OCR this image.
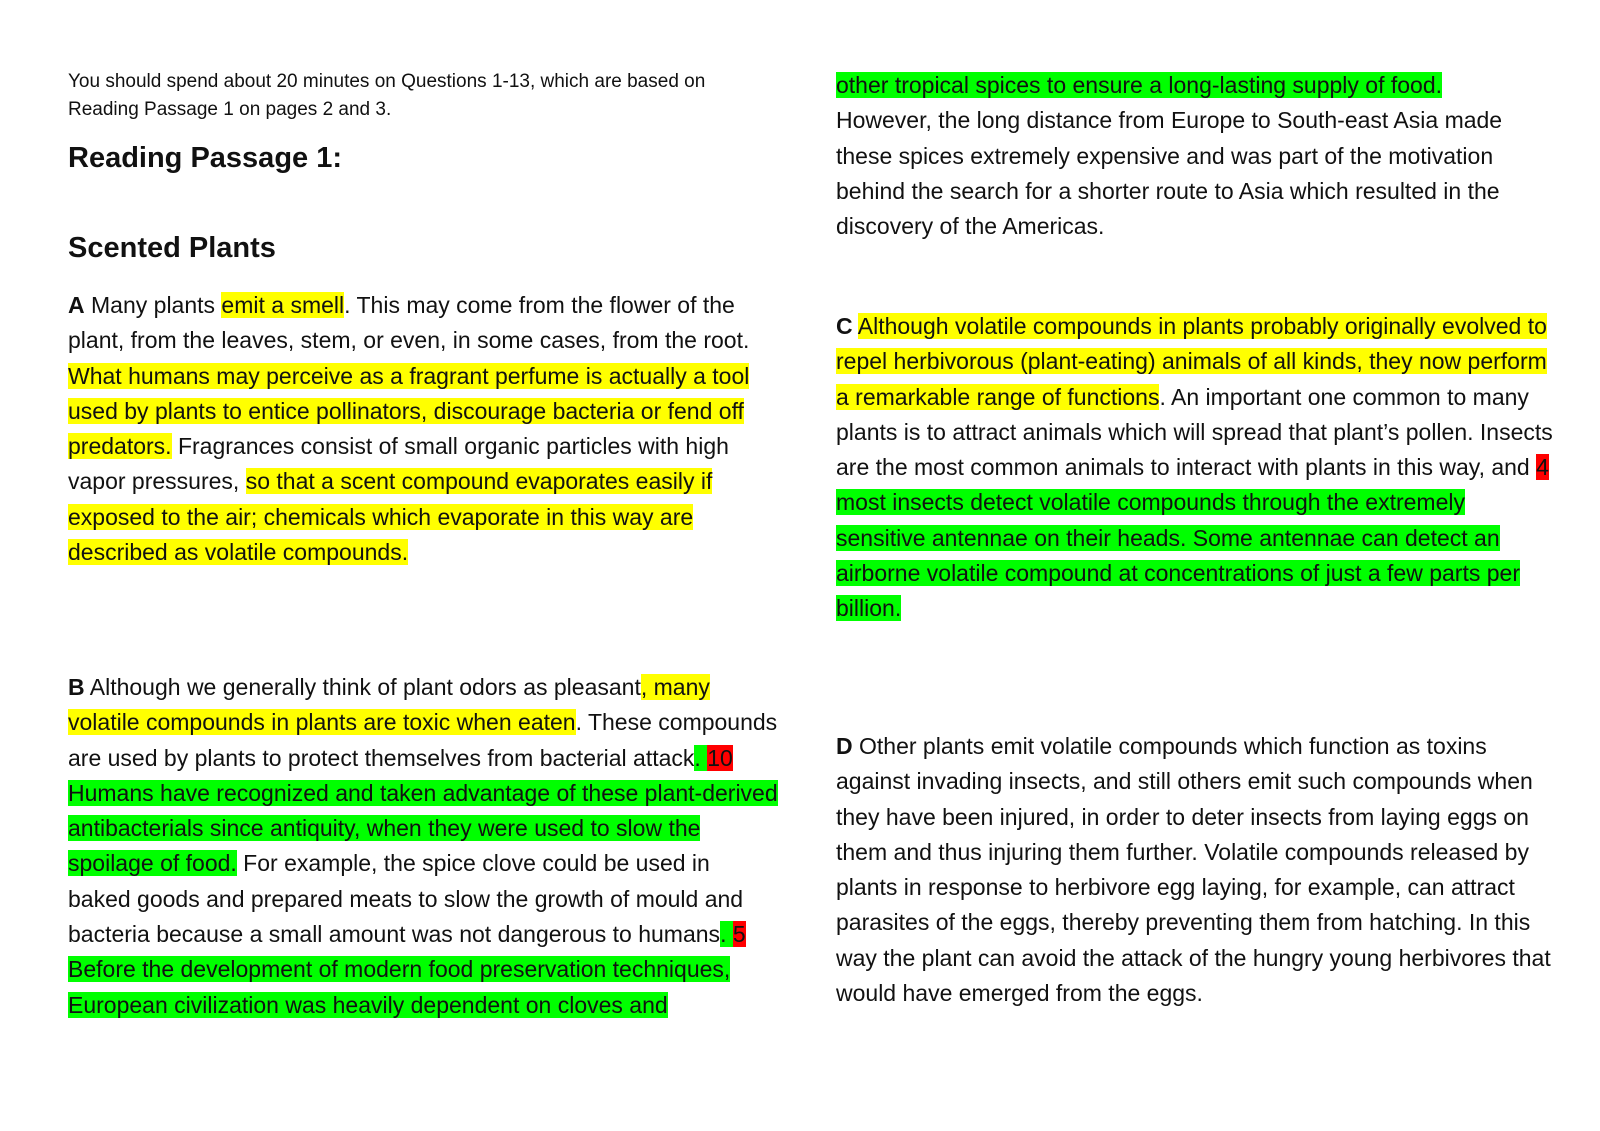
You should spend about 20 minutes on Questions 1-13, which are based on Reading Passage 1 on pages 2 and 3.
Reading Passage 1:
Scented Plants

A Many plants emit a smell. This may come from the flower of the plant, from the leaves, stem, or even, in some cases, from the root. What humans may perceive as a fragrant perfume is actually a tool used by plants to entice pollinators, discourage bacteria or fend off predators. Fragrances consist of small organic particles with high vapor pressures, so that a scent compound evaporates easily if exposed to the air; chemicals which evaporate in this way are described as volatile compounds.

B Although we generally think of plant odors as pleasant, many volatile compounds in plants are toxic when eaten. These compounds are used by plants to protect themselves from bacterial attack. 10 Humans have recognized and taken advantage of these plant-derived antibacterials since antiquity, when they were used to slow the spoilage of food. For example, the spice clove could be used in baked goods and prepared meats to slow the growth of mould and bacteria because a small amount was not dangerous to humans. 5 Before the development of modern food preservation techniques, European civilization was heavily dependent on cloves and

other tropical spices to ensure a long-lasting supply of food. However, the long distance from Europe to South-east Asia made these spices extremely expensive and was part of the motivation behind the search for a shorter route to Asia which resulted in the discovery of the Americas.

C Although volatile compounds in plants probably originally evolved to repel herbivorous (plant-eating) animals of all kinds, they now perform a remarkable range of functions. An important one common to many plants is to attract animals which will spread that plant’s pollen. Insects are the most common animals to interact with plants in this way, and 4 most insects detect volatile compounds through the extremely sensitive antennae on their heads. Some antennae can detect an airborne volatile compound at concentrations of just a few parts per billion.

D Other plants emit volatile compounds which function as toxins against invading insects, and still others emit such compounds when they have been injured, in order to deter insects from laying eggs on them and thus injuring them further. Volatile compounds released by plants in response to herbivore egg laying, for example, can attract parasites of the eggs, thereby preventing them from hatching. In this way the plant can avoid the attack of the hungry young herbivores that would have emerged from the eggs.
